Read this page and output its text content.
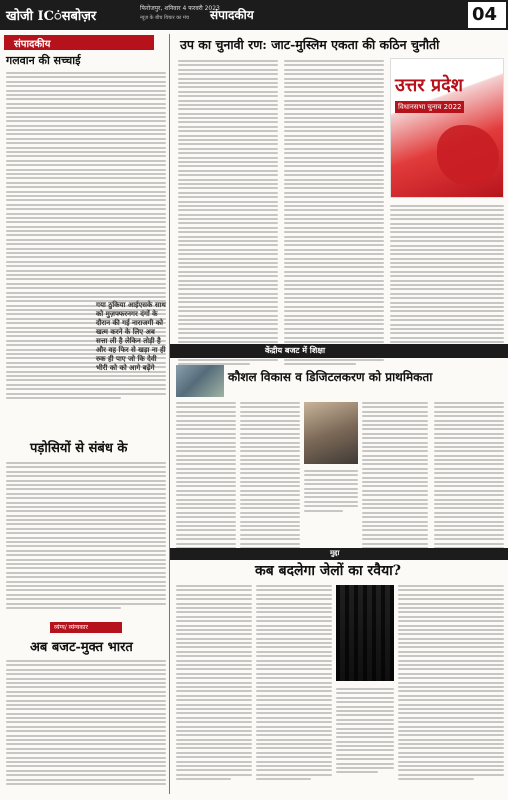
खोजी ICंसबोज़र
फिरोजपुर, शनिवार 4 फरवरी 2023
न्यूज़ के बीच विचार का मंच संपादकीय	04
संपादकीय
गलवान की सच्चाई
पड़ोसियों से संबंध के
व्यंग्य/ व्यंग्यकार
अब बजट-मुक्त भारत
उप का चुनावी रण: जाट-मुस्लिम एकता की कठिन चुनौती
गया ठुकिया आईएसके साथ को मुज़फ्फरनगर दंगों के दौरान की गई नाराजगी को खत्म करने के लिए अब सत्ता ली है लेकिन तोड़ी है और वह फिर से खड़ा ना ही रुक ही पाए जो कि देवी भीरी को को आगे बढ़ेंगे
उत्तर प्रदेश
विधानसभा चुनाव 2022
केंद्रीय बजट में शिक्षा
कौशल विकास व डिजिटलकरण को प्राथमिकता
मुद्दा
कब बदलेगा जेलों का रवैया?
